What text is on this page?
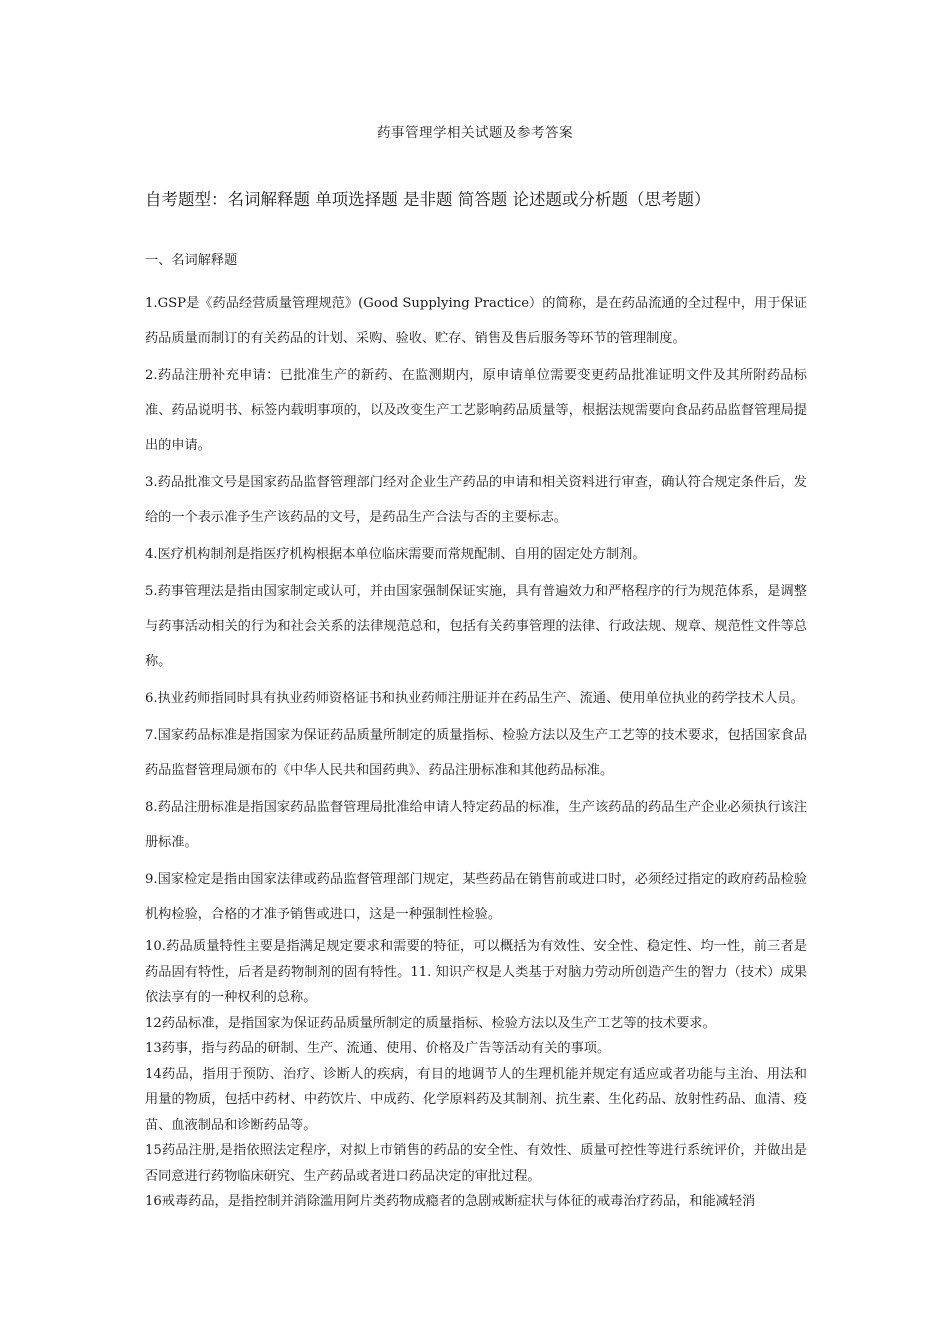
药事管理学相关试题及参考答案
自考题型：名词解释题 单项选择题 是非题 简答题 论述题或分析题（思考题）

一、名词解释题

1.GSP是《药品经营质量管理规范》(Good Supplying Practice）的简称，是在药品流通的全过程中，用于保证药品质量而制订的有关药品的计划、采购、验收、贮存、销售及售后服务等环节的管理制度。

2.药品注册补充申请：已批准生产的新药、在监测期内，原申请单位需要变更药品批准证明文件及其所附药品标准、药品说明书、标签内载明事项的，以及改变生产工艺影响药品质量等，根据法规需要向食品药品监督管理局提出的申请。

3.药品批准文号是国家药品监督管理部门经对企业生产药品的申请和相关资料进行审查，确认符合规定条件后，发给的一个表示准予生产该药品的文号，是药品生产合法与否的主要标志。

4.医疗机构制剂是指医疗机构根据本单位临床需要而常规配制、自用的固定处方制剂。

5.药事管理法是指由国家制定或认可，并由国家强制保证实施，具有普遍效力和严格程序的行为规范体系，是调整与药事活动相关的行为和社会关系的法律规范总和，包括有关药事管理的法律、行政法规、规章、规范性文件等总称。

6.执业药师指同时具有执业药师资格证书和执业药师注册证并在药品生产、流通、使用单位执业的药学技术人员。

7.国家药品标准是指国家为保证药品质量所制定的质量指标、检验方法以及生产工艺等的技术要求，包括国家食品药品监督管理局颁布的《中华人民共和国药典》、药品注册标准和其他药品标准。

8.药品注册标准是指国家药品监督管理局批准给申请人特定药品的标准，生产该药品的药品生产企业必须执行该注册标准。

9.国家检定是指由国家法律或药品监督管理部门规定，某些药品在销售前或进口时，必须经过指定的政府药品检验机构检验，合格的才准予销售或进口，这是一种强制性检验。

10.药品质量特性主要是指满足规定要求和需要的特征，可以概括为有效性、安全性、稳定性、均一性，前三者是药品固有特性，后者是药物制剂的固有特性。11. 知识产权是人类基于对脑力劳动所创造产生的智力（技术）成果依法享有的一种权利的总称。

12药品标准，是指国家为保证药品质量所制定的质量指标、检验方法以及生产工艺等的技术要求。

13药事，指与药品的研制、生产、流通、使用、价格及广告等活动有关的事项。

14药品，指用于预防、治疗、诊断人的疾病，有目的地调节人的生理机能并规定有适应或者功能与主治、用法和用量的物质，包括中药材、中药饮片、中成药、化学原料药及其制剂、抗生素、生化药品、放射性药品、血清、疫苗、血液制品和诊断药品等。

15药品注册,是指依照法定程序，对拟上市销售的药品的安全性、有效性、质量可控性等进行系统评价，并做出是否同意进行药物临床研究、生产药品或者进口药品决定的审批过程。

16戒毒药品，是指控制并消除滥用阿片类药物成瘾者的急剧戒断症状与体征的戒毒治疗药品，和能减轻消
